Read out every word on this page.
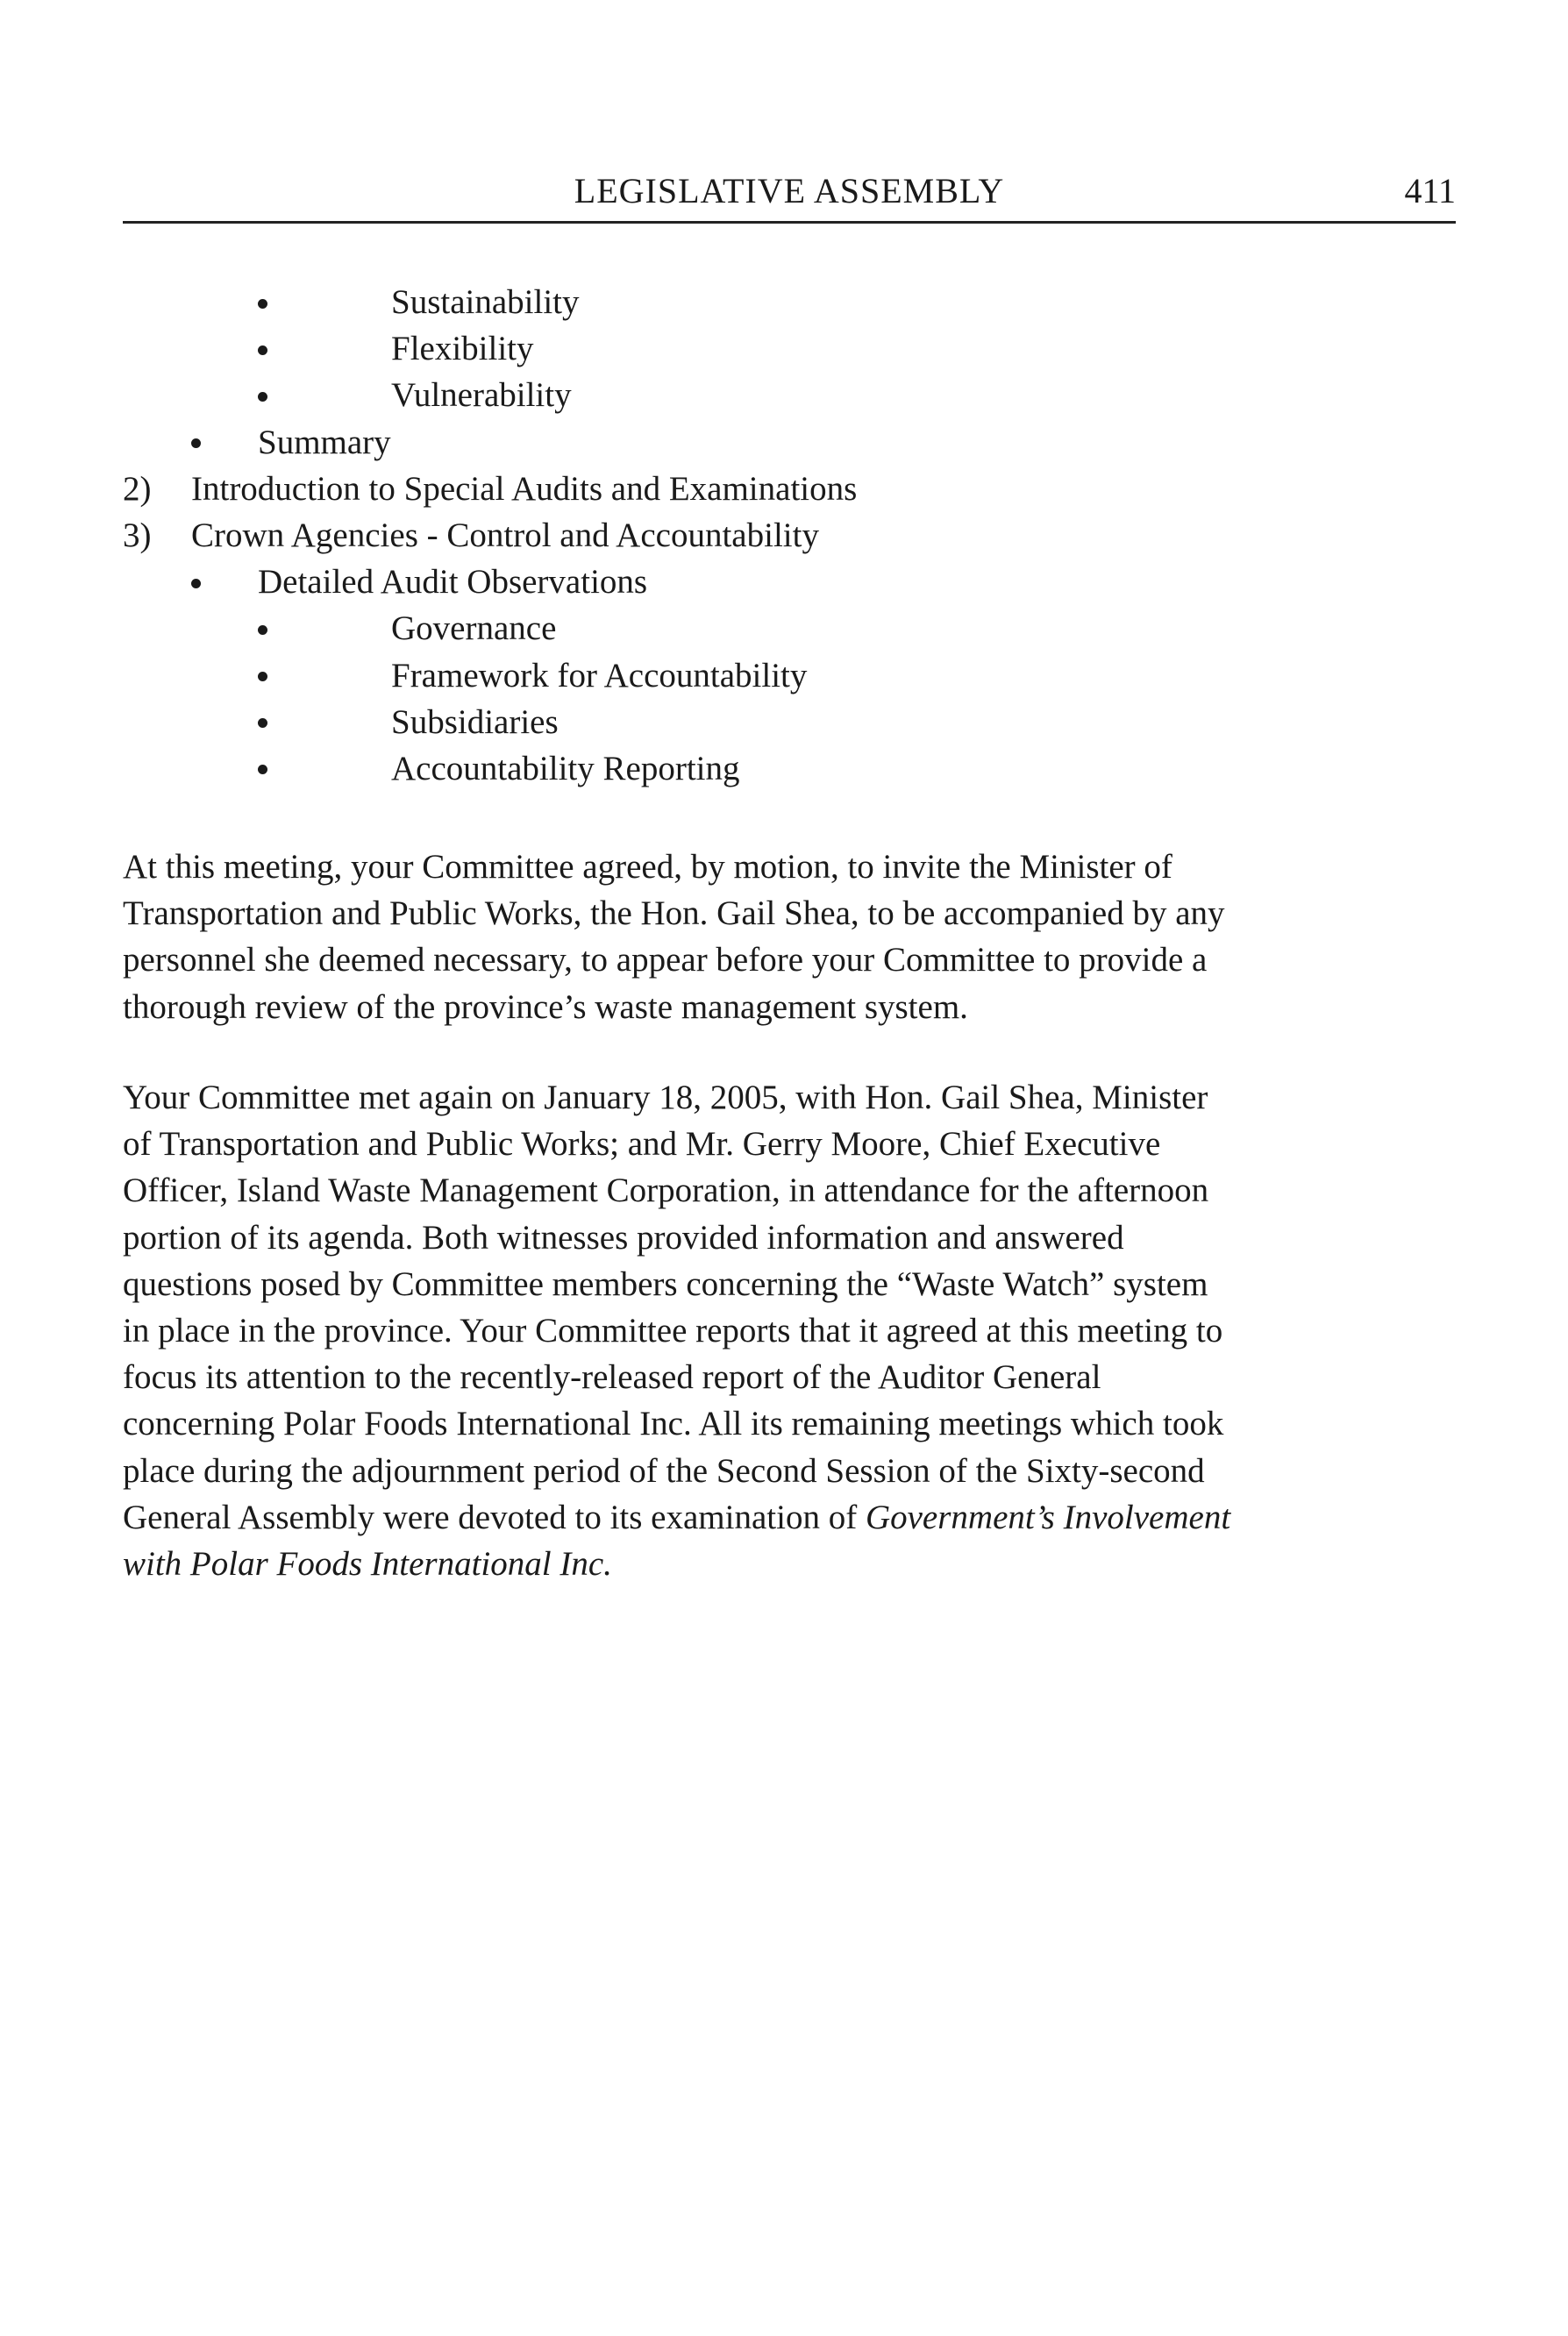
LEGISLATIVE ASSEMBLY	411
Sustainability
Flexibility
Vulnerability
Summary
2) Introduction to Special Audits and Examinations
3) Crown Agencies - Control and Accountability
Detailed Audit Observations
Governance
Framework for Accountability
Subsidiaries
Accountability Reporting

At this meeting, your Committee agreed, by motion, to invite the Minister of
Transportation and Public Works, the Hon. Gail Shea, to be accompanied by any
personnel she deemed necessary, to appear before your Committee to provide a
thorough review of the province’s waste management system.

Your Committee met again on January 18, 2005, with Hon. Gail Shea, Minister
of Transportation and Public Works; and Mr. Gerry Moore, Chief Executive
Officer, Island Waste Management Corporation, in attendance for the afternoon
portion of its agenda. Both witnesses provided information and answered
questions posed by Committee members concerning the “Waste Watch” system
in place in the province. Your Committee reports that it agreed at this meeting to
focus its attention to the recently-released report of the Auditor General
concerning Polar Foods International Inc. All its remaining meetings which took
place during the adjournment period of the Second Session of the Sixty-second
General Assembly were devoted to its examination of Government’s Involvement
with Polar Foods International Inc.
